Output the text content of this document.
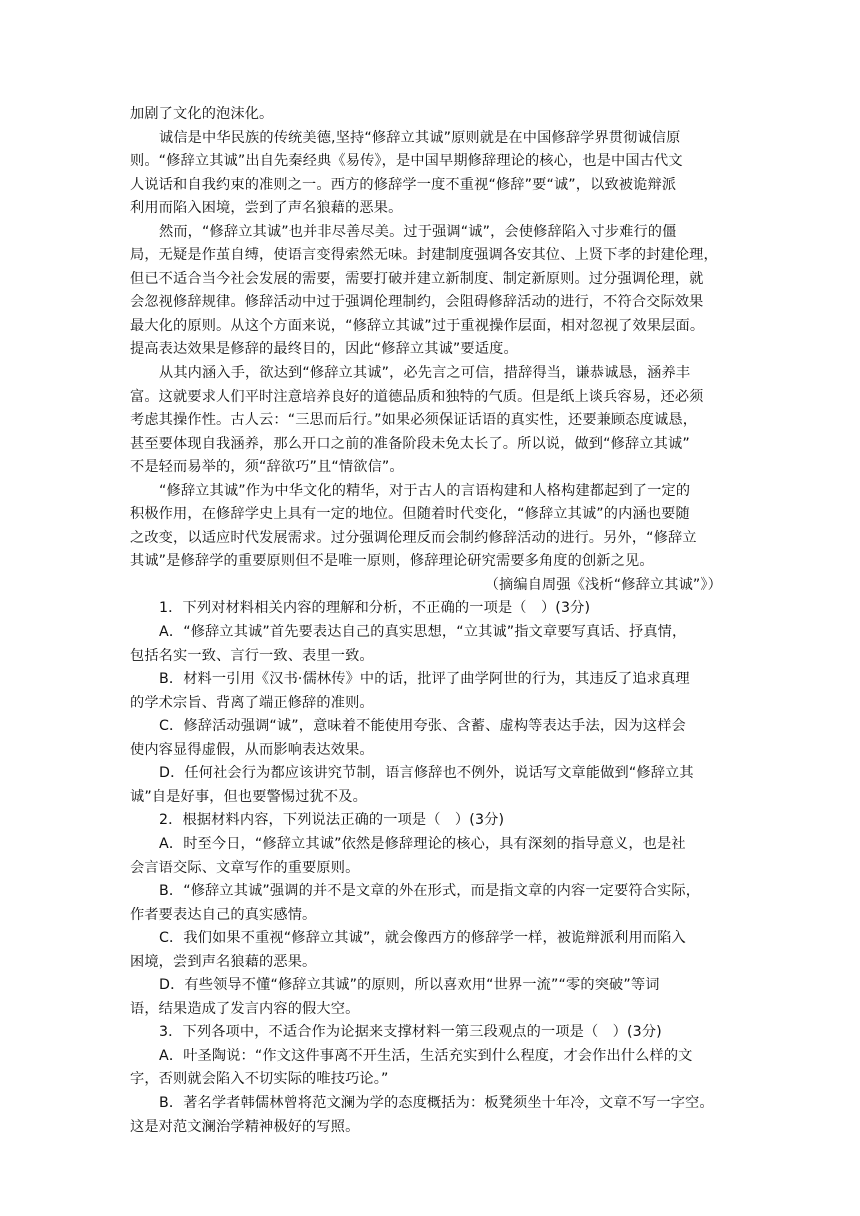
加剧了文化的泡沫化。
诚信是中华民族的传统美德,坚持“修辞立其诚”原则就是在中国修辞学界贯彻诚信原
则。“修辞立其诚”出自先秦经典《易传》，是中国早期修辞理论的核心，也是中国古代文
人说话和自我约束的准则之一。西方的修辞学一度不重视“修辞”要“诚”，以致被诡辩派
利用而陷入困境，尝到了声名狼藉的恶果。
然而，“修辞立其诚”也并非尽善尽美。过于强调“诚”，会使修辞陷入寸步难行的僵
局，无疑是作茧自缚，使语言变得索然无味。封建制度强调各安其位、上贤下孝的封建伦理，
但已不适合当今社会发展的需要，需要打破并建立新制度、制定新原则。过分强调伦理，就
会忽视修辞规律。修辞活动中过于强调伦理制约，会阻碍修辞活动的进行，不符合交际效果
最大化的原则。从这个方面来说，“修辞立其诚”过于重视操作层面，相对忽视了效果层面。
提高表达效果是修辞的最终目的，因此“修辞立其诚”要适度。
从其内涵入手，欲达到“修辞立其诚”，必先言之可信，措辞得当，谦恭诚恳，涵养丰
富。这就要求人们平时注意培养良好的道德品质和独特的气质。但是纸上谈兵容易，还必须
考虑其操作性。古人云：“三思而后行。”如果必须保证话语的真实性，还要兼顾态度诚恳，
甚至要体现自我涵养，那么开口之前的准备阶段未免太长了。所以说，做到“修辞立其诚”
不是轻而易举的，须“辞欲巧”且“情欲信”。
“修辞立其诚”作为中华文化的精华，对于古人的言语构建和人格构建都起到了一定的
积极作用，在修辞学史上具有一定的地位。但随着时代变化，“修辞立其诚”的内涵也要随
之改变，以适应时代发展需求。过分强调伦理反而会制约修辞活动的进行。另外，“修辞立
其诚”是修辞学的重要原则但不是唯一原则，修辞理论研究需要多角度的创新之见。
（摘编自周强《浅析“修辞立其诚”》）
1．下列对材料相关内容的理解和分析，不正确的一项是（　）(3分)
A．“修辞立其诚”首先要表达自己的真实思想，“立其诚”指文章要写真话、抒真情，
包括名实一致、言行一致、表里一致。
B．材料一引用《汉书·儒林传》中的话，批评了曲学阿世的行为，其违反了追求真理
的学术宗旨、背离了端正修辞的准则。
C．修辞活动强调“诚”，意味着不能使用夸张、含蓄、虚构等表达手法，因为这样会
使内容显得虚假，从而影响表达效果。
D．任何社会行为都应该讲究节制，语言修辞也不例外，说话写文章能做到“修辞立其
诚”自是好事，但也要警惕过犹不及。
2．根据材料内容，下列说法正确的一项是（　）(3分)
A．时至今日，“修辞立其诚”依然是修辞理论的核心，具有深刻的指导意义，也是社
会言语交际、文章写作的重要原则。
B．“修辞立其诚”强调的并不是文章的外在形式，而是指文章的内容一定要符合实际，
作者要表达自己的真实感情。
C．我们如果不重视“修辞立其诚”，就会像西方的修辞学一样，被诡辩派利用而陷入
困境，尝到声名狼藉的恶果。
D．有些领导不懂“修辞立其诚”的原则，所以喜欢用“世界一流”“零的突破”等词
语，结果造成了发言内容的假大空。
3．下列各项中，不适合作为论据来支撑材料一第三段观点的一项是（　）(3分)
A．叶圣陶说：“作文这件事离不开生活，生活充实到什么程度，才会作出什么样的文
字，否则就会陷入不切实际的唯技巧论。”
B．著名学者韩儒林曾将范文澜为学的态度概括为：板凳须坐十年冷，文章不写一字空。
这是对范文澜治学精神极好的写照。
